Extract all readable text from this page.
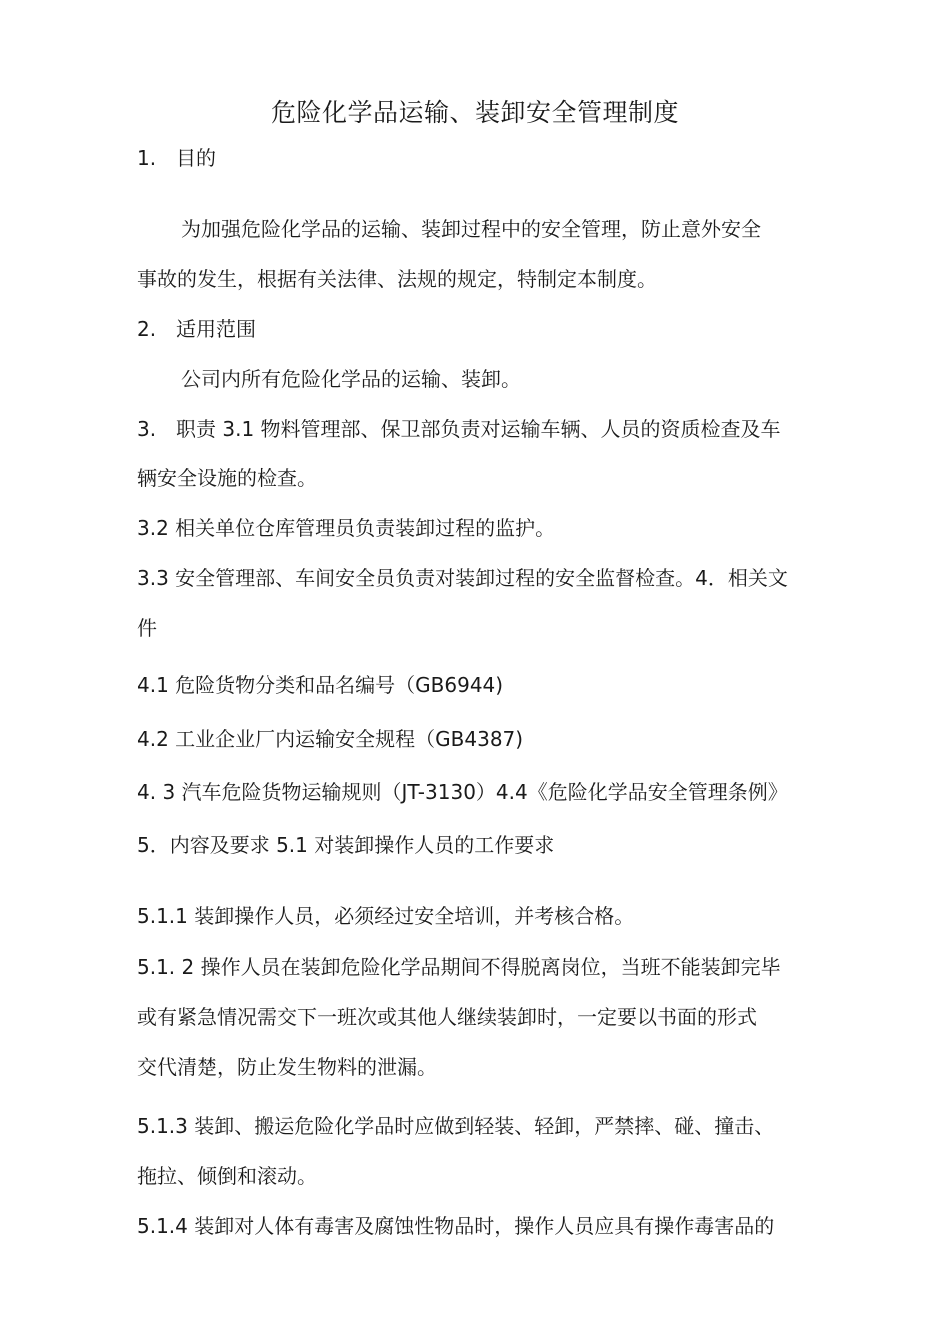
危险化学品运输、装卸安全管理制度
1. 目的
为加强危险化学品的运输、装卸过程中的安全管理，防止意外安全
事故的发生，根据有关法律、法规的规定，特制定本制度。
2. 适用范围
公司内所有危险化学品的运输、装卸。
3. 职责 3.1 物料管理部、保卫部负责对运输车辆、人员的资质检查及车
辆安全设施的检查。
3.2 相关单位仓库管理员负责装卸过程的监护。
3.3 安全管理部、车间安全员负责对装卸过程的安全监督检查。4．相关文
件
4.1 危险货物分类和品名编号（GB6944)
4.2 工业企业厂内运输安全规程（GB4387)
4. 3 汽车危险货物运输规则（JT-3130）4.4《危险化学品安全管理条例》
5．内容及要求 5.1 对装卸操作人员的工作要求
5.1.1 装卸操作人员，必须经过安全培训，并考核合格。
5.1. 2 操作人员在装卸危险化学品期间不得脱离岗位，当班不能装卸完毕
或有紧急情况需交下一班次或其他人继续装卸时，一定要以书面的形式
交代清楚，防止发生物料的泄漏。
5.1.3 装卸、搬运危险化学品时应做到轻装、轻卸，严禁摔、碰、撞击、
拖拉、倾倒和滚动。
5.1.4 装卸对人体有毒害及腐蚀性物品时，操作人员应具有操作毒害品的
